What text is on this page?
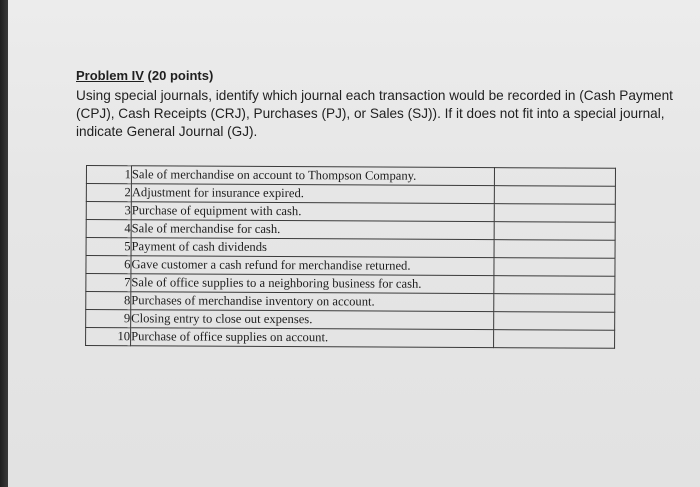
Problem IV (20 points)
Using special journals, identify which journal each transaction would be recorded in (Cash Payment (CPJ), Cash Receipts (CRJ), Purchases (PJ), or Sales (SJ)). If it does not fit into a special journal, indicate General Journal (GJ).
1	Sale of merchandise on account to Thompson Company.	
2	Adjustment for insurance expired.	
3	Purchase of equipment with cash.	
4	Sale of merchandise for cash.	
5	Payment of cash dividends	
6	Gave customer a cash refund for merchandise returned.	
7	Sale of office supplies to a neighboring business for cash.	
8	Purchases of merchandise inventory on account.	
9	Closing entry to close out expenses.	
10	Purchase of office supplies on account.	
